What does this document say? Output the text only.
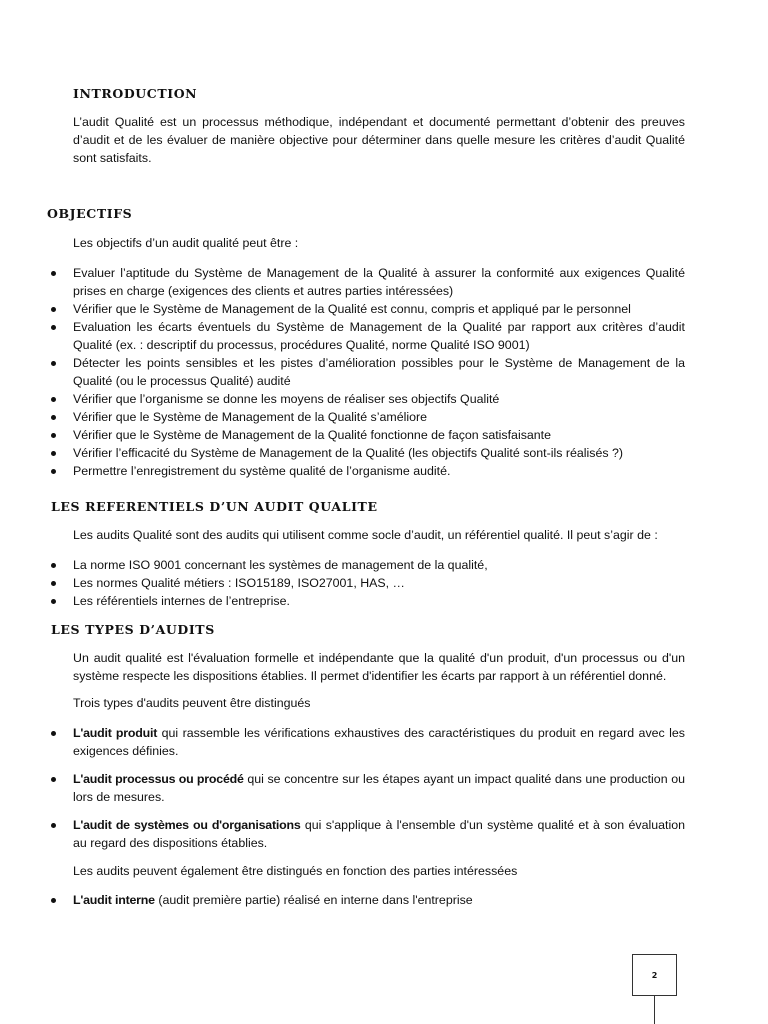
INTRODUCTION

L’audit Qualité est un processus méthodique, indépendant et documenté permettant d’obtenir des preuves d’audit et de les évaluer de manière objective pour déterminer dans quelle mesure les critères d’audit Qualité sont satisfaits.

OBJECTIFS

Les objectifs d’un audit qualité peut être :

Evaluer l’aptitude du Système de Management de la Qualité à assurer la conformité aux exigences Qualité prises en charge (exigences des clients et autres parties intéressées)
Vérifier que le Système de Management de la Qualité est connu, compris et appliqué par le personnel
Evaluation les écarts éventuels du Système de Management de la Qualité par rapport aux critères d’audit Qualité (ex. : descriptif du processus, procédures Qualité, norme Qualité ISO 9001)
Détecter les points sensibles et les pistes d’amélioration possibles pour le Système de Management de la Qualité (ou le processus Qualité) audité
Vérifier que l’organisme se donne les moyens de réaliser ses objectifs Qualité
Vérifier que le Système de Management de la Qualité s’améliore
Vérifier que le Système de Management de la Qualité fonctionne de façon satisfaisante
Vérifier l’efficacité du Système de Management de la Qualité (les objectifs Qualité sont-ils réalisés ?)
Permettre l’enregistrement du système qualité de l’organisme audité.
LES REFERENTIELS D’UN AUDIT QUALITE

Les audits Qualité sont des audits qui utilisent comme socle d’audit, un référentiel qualité. Il peut s’agir de :

La norme ISO 9001 concernant les systèmes de management de la qualité,
Les normes Qualité métiers : ISO15189, ISO27001, HAS, …
Les référentiels internes de l’entreprise.
LES TYPES D’AUDITS

Un audit qualité est l'évaluation formelle et indépendante que la qualité d'un produit, d'un processus ou d'un système respecte les dispositions établies. Il permet d'identifier les écarts par rapport à un référentiel donné.

Trois types d'audits peuvent être distingués

L'audit produit qui rassemble les vérifications exhaustives des caractéristiques du produit en regard avec les exigences définies.
L'audit processus ou procédé qui se concentre sur les étapes ayant un impact qualité dans une production ou lors de mesures.
L'audit de systèmes ou d'organisations qui s'applique à l'ensemble d'un système qualité et à son évaluation au regard des dispositions établies.

Les audits peuvent également être distingués en fonction des parties intéressées

L'audit interne (audit première partie) réalisé en interne dans l'entreprise
2
